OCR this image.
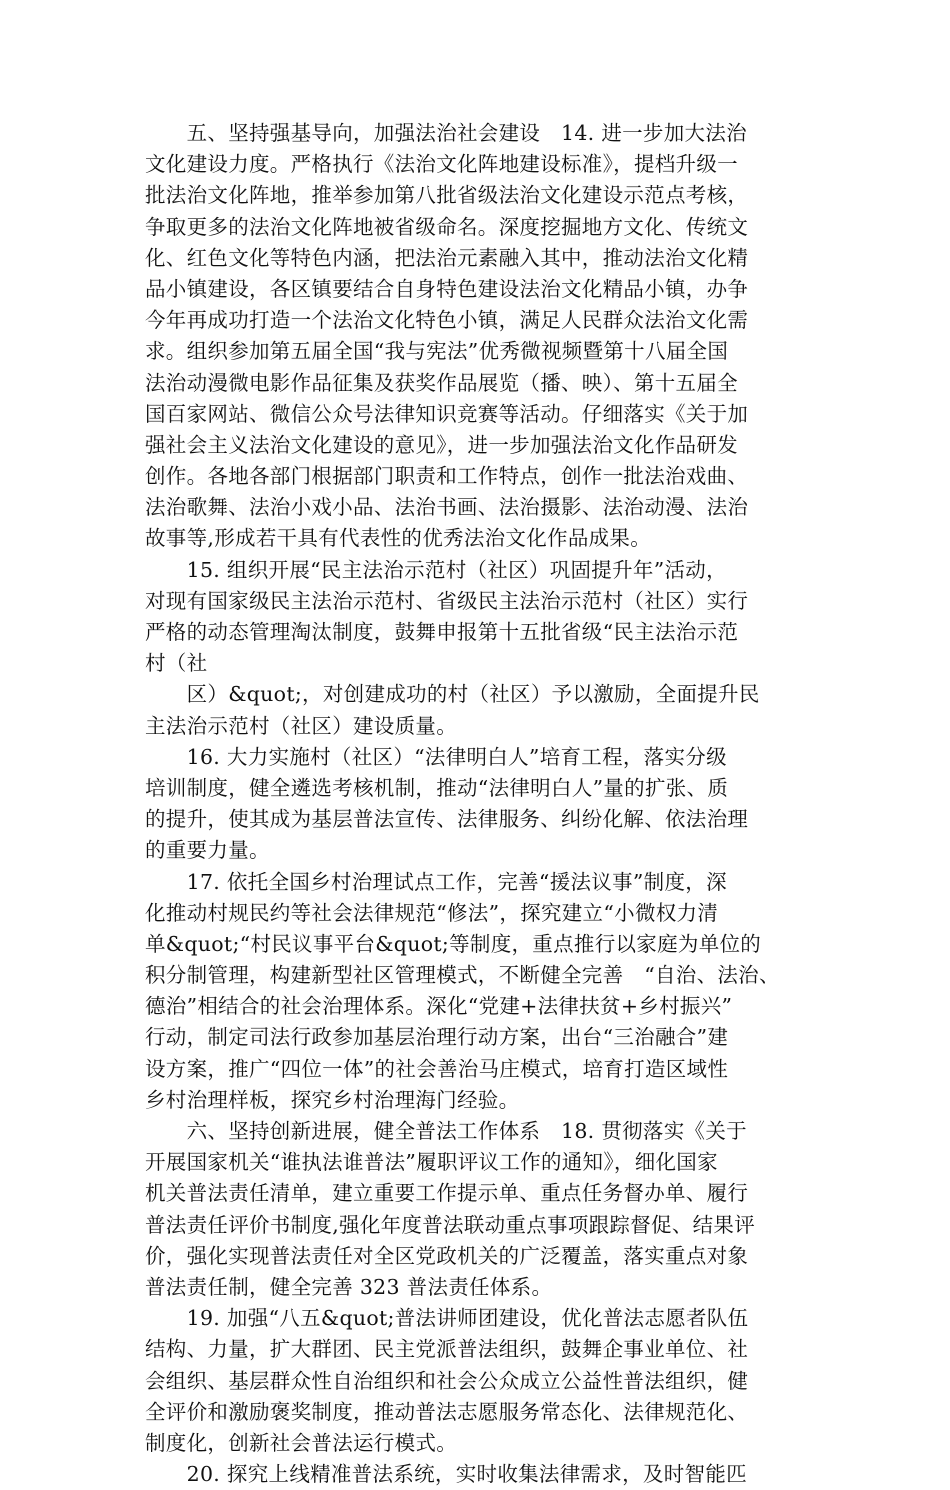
　　五、坚持强基导向，加强法治社会建设　14. 进一步加大法治
文化建设力度。严格执行《法治文化阵地建设标准》，提档升级一
批法治文化阵地，推举参加第八批省级法治文化建设示范点考核，
争取更多的法治文化阵地被省级命名。深度挖掘地方文化、传统文
化、红色文化等特色内涵，把法治元素融入其中，推动法治文化精
品小镇建设，各区镇要结合自身特色建设法治文化精品小镇，办争
今年再成功打造一个法治文化特色小镇，满足人民群众法治文化需
求。组织参加第五届全国“我与宪法”优秀微视频暨第十八届全国
法治动漫微电影作品征集及获奖作品展览（播、映）、第十五届全
国百家网站、微信公众号法律知识竞赛等活动。仔细落实《关于加
强社会主义法治文化建设的意见》，进一步加强法治文化作品研发
创作。各地各部门根据部门职责和工作特点，创作一批法治戏曲、
法治歌舞、法治小戏小品、法治书画、法治摄影、法治动漫、法治
故事等,形成若干具有代表性的优秀法治文化作品成果。
　　15. 组织开展“民主法治示范村（社区）巩固提升年”活动，
对现有国家级民主法治示范村、省级民主法治示范村（社区）实行
严格的动态管理淘汰制度，鼓舞申报第十五批省级“民主法治示范
村（社
　　区）&quot;，对创建成功的村（社区）予以激励，全面提升民
主法治示范村（社区）建设质量。
　　16. 大力实施村（社区）“法律明白人”培育工程，落实分级
培训制度，健全遴选考核机制，推动“法律明白人”量的扩张、质
的提升，使其成为基层普法宣传、法律服务、纠纷化解、依法治理
的重要力量。
　　17. 依托全国乡村治理试点工作，完善“援法议事”制度，深
化推动村规民约等社会法律规范“修法”，探究建立“小微权力清
单&quot;“村民议事平台&quot;等制度，重点推行以家庭为单位的
积分制管理，构建新型社区管理模式，不断健全完善　“自治、法治、
德治”相结合的社会治理体系。深化“党建+法律扶贫+乡村振兴”
行动，制定司法行政参加基层治理行动方案，出台“三治融合”建
设方案，推广“四位一体”的社会善治马庄模式，培育打造区域性
乡村治理样板，探究乡村治理海门经验。
　　六、坚持创新进展，健全普法工作体系　18. 贯彻落实《关于
开展国家机关“谁执法谁普法”履职评议工作的通知》，细化国家
机关普法责任清单，建立重要工作提示单、重点任务督办单、履行
普法责任评价书制度,强化年度普法联动重点事项跟踪督促、结果评
价，强化实现普法责任对全区党政机关的广泛覆盖，落实重点对象
普法责任制，健全完善 323 普法责任体系。
　　19. 加强“八五&quot;普法讲师团建设，优化普法志愿者队伍
结构、力量，扩大群团、民主党派普法组织，鼓舞企事业单位、社
会组织、基层群众性自治组织和社会公众成立公益性普法组织，健
全评价和激励褒奖制度，推动普法志愿服务常态化、法律规范化、
制度化，创新社会普法运行模式。
　　20. 探究上线精准普法系统，实时收集法律需求，及时智能匹
